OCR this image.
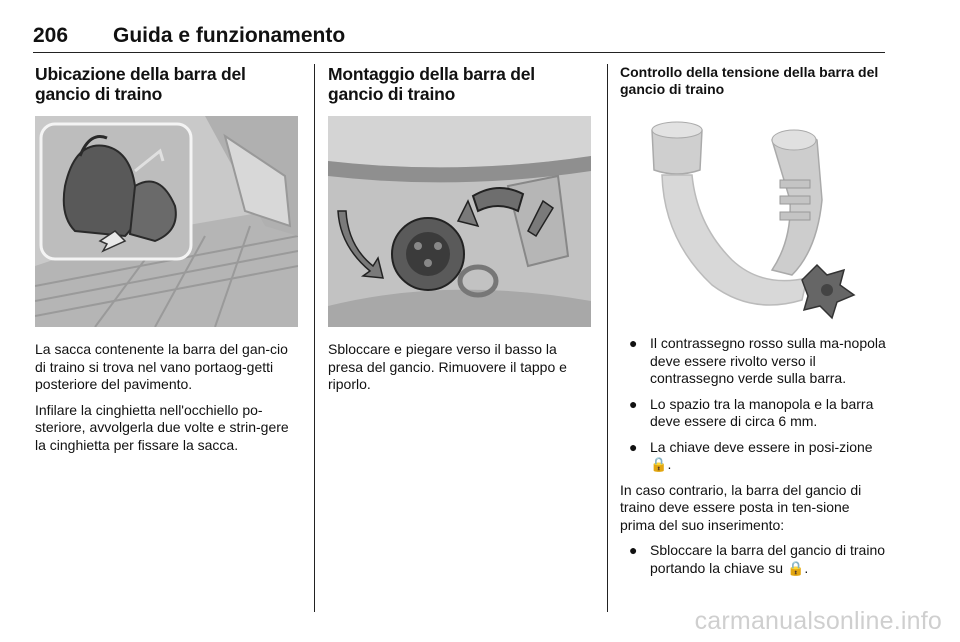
206 Guida e funzionamento
Ubicazione della barra del gancio di traino

La sacca contenente la barra del gan-cio di traino si trova nel vano portaog-getti posteriore del pavimento.

Infilare la cinghietta nell'occhiello po-steriore, avvolgerla due volte e strin-gere la cinghietta per fissare la sacca.

Montaggio della barra del gancio di traino

Sbloccare e piegare verso il basso la presa del gancio. Rimuovere il tappo e riporlo.

Controllo della tensione della barra del gancio di traino
● Il contrassegno rosso sulla ma-nopola deve essere rivolto verso il contrassegno verde sulla barra.
● Lo spazio tra la manopola e la barra deve essere di circa 6 mm.
● La chiave deve essere in posi-zione 🔒.

In caso contrario, la barra del gancio di traino deve essere posta in ten-sione prima del suo inserimento:

● Sbloccare la barra del gancio di traino portando la chiave su 🔒.
carmanualsonline.info
